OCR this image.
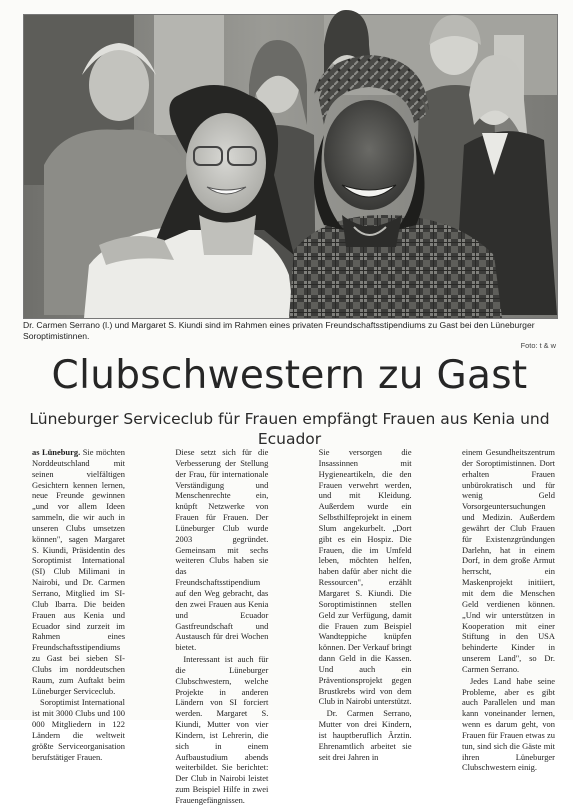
Dr. Carmen Serrano (l.) und Margaret S. Kiundi sind im Rahmen eines privaten Freundschaftsstipendiums zu Gast bei den Lüneburger Soroptimistinnen.
Foto: t & w
Clubschwestern zu Gast
Lüneburger Serviceclub für Frauen empfängt Frauen aus Kenia und Ecuador

as Lüneburg. Sie möchten Norddeutschland mit seinen vielfältigen Gesichtern kennen lernen, neue Freunde gewinnen „und vor allem Ideen sammeln, die wir auch in unseren Clubs umsetzen können", sagen Margaret S. Kiundi, Präsidentin des Soroptimist International (SI) Club Milimani in Nairobi, und Dr. Carmen Serrano, Mitglied im SI-Club Ibarra. Die beiden Frauen aus Kenia und Ecuador sind zurzeit im Rahmen eines Freundschaftsstipendiums zu Gast bei sieben SI-Clubs im norddeutschen Raum, zum Auftakt beim Lüneburger Serviceclub.

Soroptimist International ist mit 3000 Clubs und 100 000 Mitgliedern in 122 Ländern die weltweit größte Serviceorganisation berufstätiger Frauen.

Diese setzt sich für die Verbesserung der Stellung der Frau, für internationale Verständigung und Menschenrechte ein, knüpft Netzwerke von Frauen für Frauen. Der Lüneburger Club wurde 2003 gegründet. Gemeinsam mit sechs weiteren Clubs haben sie das Freundschaftsstipendium auf den Weg gebracht, das den zwei Frauen aus Kenia und Ecuador Gastfreundschaft und Austausch für drei Wochen bietet.

Interessant ist auch für die Lüneburger Clubschwestern, welche Projekte in anderen Ländern von SI forciert werden. Margaret S. Kiundi, Mutter von vier Kindern, ist Lehrerin, die sich in einem Aufbaustudium abends weiterbildet. Sie berichtet: Der Club in Nairobi leistet zum Beispiel Hilfe in zwei Frauengefängnissen.

Sie versorgen die Insassinnen mit Hygieneartikeln, die den Frauen verwehrt werden, und mit Kleidung. Außerdem wurde ein Selbsthilfeprojekt in einem Slum angekurbelt. „Dort gibt es ein Hospiz. Die Frauen, die im Umfeld leben, möchten helfen, haben dafür aber nicht die Ressourcen", erzählt Margaret S. Kiundi. Die Soroptimistinnen stellen Geld zur Verfügung, damit die Frauen zum Beispiel Wandteppiche knüpfen können. Der Verkauf bringt dann Geld in die Kassen. Und auch ein Präventionsprojekt gegen Brustkrebs wird von dem Club in Nairobi unterstützt.

Dr. Carmen Serrano, Mutter von drei Kindern, ist hauptberuflich Ärztin. Ehrenamtlich arbeitet sie seit drei Jahren in

einem Gesundheitszentrum der Soroptimistinnen. Dort erhalten Frauen unbürokratisch und für wenig Geld Vorsorgeuntersuchungen und Medizin. Außerdem gewährt der Club Frauen für Existenzgründungen Darlehn, hat in einem Dorf, in dem große Armut herrscht, ein Maskenprojekt initiiert, mit dem die Menschen Geld verdienen können. „Und wir unterstützen in Kooperation mit einer Stiftung in den USA behinderte Kinder in unserem Land", so Dr. Carmen Serrano.

Jedes Land habe seine Probleme, aber es gibt auch Parallelen und man kann voneinander lernen, wenn es darum geht, von Frauen für Frauen etwas zu tun, sind sich die Gäste mit ihren Lüneburger Clubschwestern einig.
